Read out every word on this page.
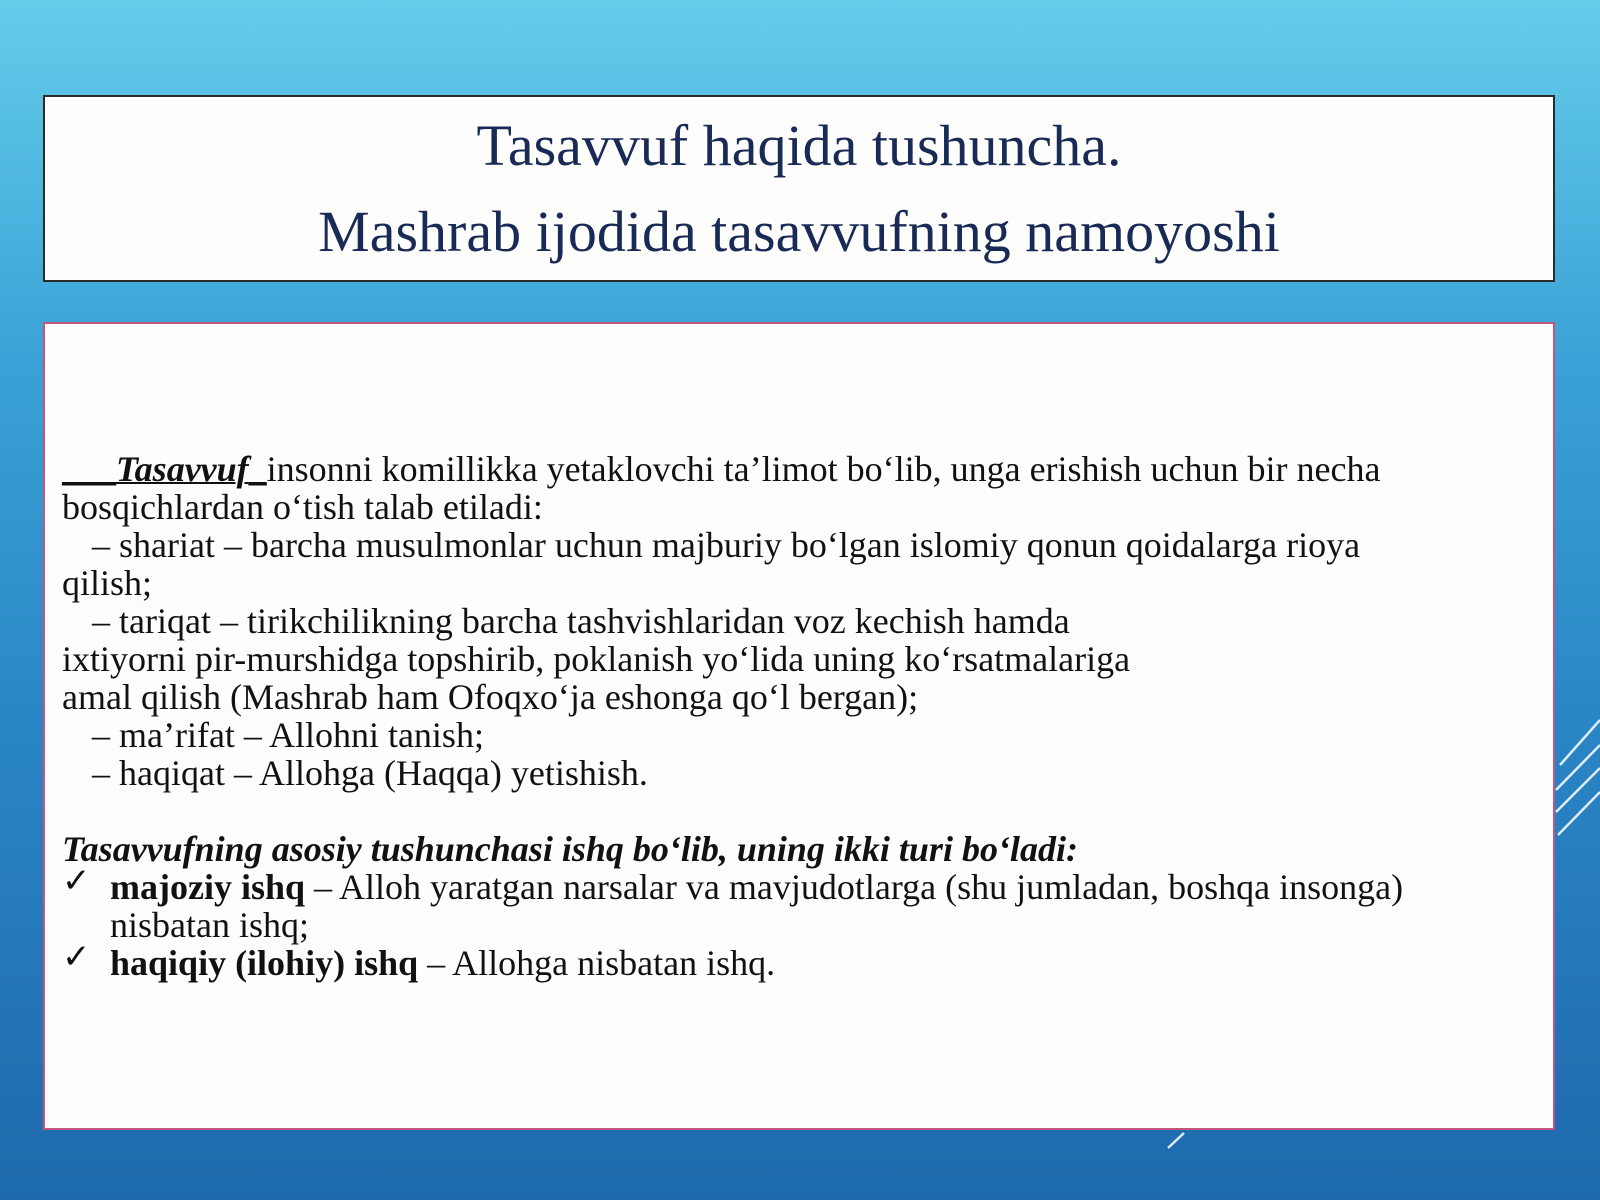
Tasavvuf haqida tushuncha.
Mashrab ijodida tasavvufning namoyoshi

___Tasavvuf_insonni komillikka yetaklovchi ta’limot bo‘lib, unga erishish uchun bir necha bosqichlardan o‘tish talab etiladi:

– shariat – barcha musulmonlar uchun majburiy bo‘lgan islomiy qonun qoidalarga rioya

qilish;

– tariqat – tirikchilikning barcha tashvishlaridan voz kechish hamda

ixtiyorni pir-murshidga topshirib, poklanish yo‘lida uning ko‘rsatmalariga

amal qilish (Mashrab ham Ofoqxo‘ja eshonga qo‘l bergan);

– ma’rifat – Allohni tanish;

– haqiqat – Allohga (Haqqa) yetishish.

Tasavvufning asosiy tushunchasi ishq bo‘lib, uning ikki turi bo‘ladi:

✓ majoziy ishq – Alloh yaratgan narsalar va mavjudotlarga (shu jumladan, boshqa insonga) nisbatan ishq;
✓ haqiqiy (ilohiy) ishq – Allohga nisbatan ishq.
